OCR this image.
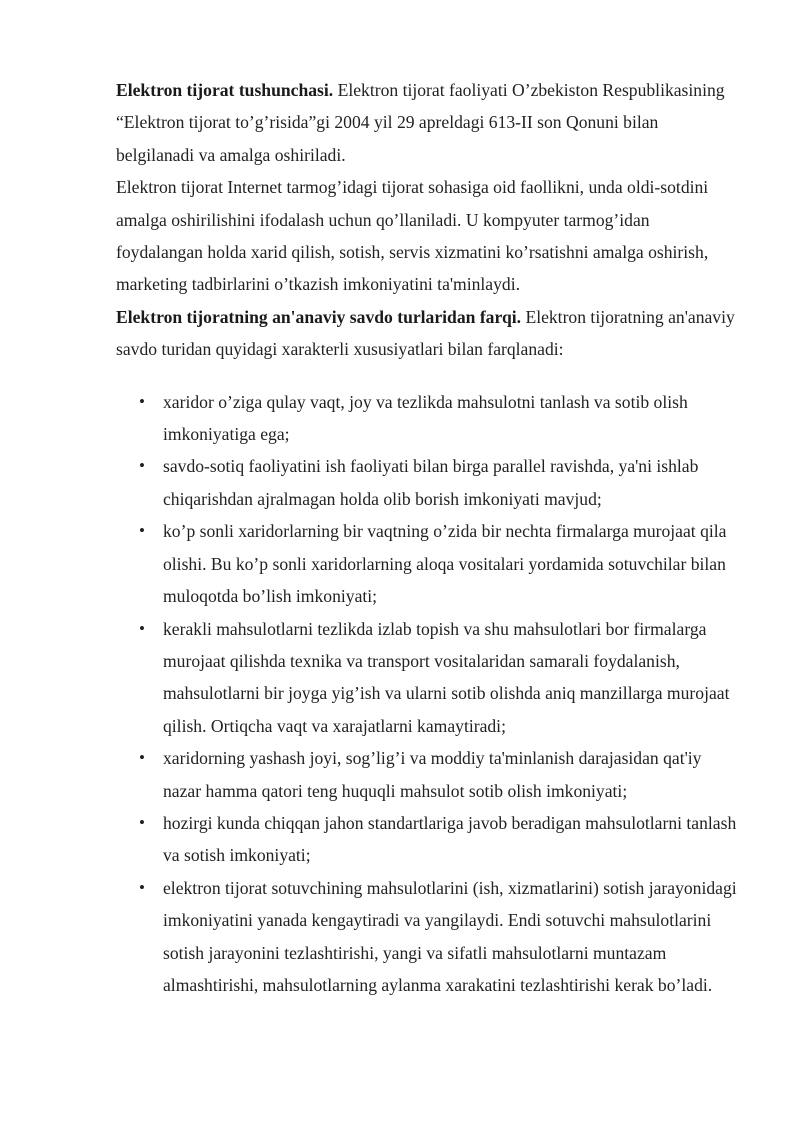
Elektron tijorat tushunchasi. Elektron tijorat faoliyati O’zbekiston Respublikasining “Elektron tijorat to’g’risida”gi 2004 yil 29 apreldagi 613-II son Qonuni bilan belgilanadi va amalga oshiriladi.

Elektron tijorat Internet tarmog’idagi tijorat sohasiga oid faollikni, unda oldi-sotdini amalga oshirilishini ifodalash uchun qo’llaniladi. U kompyuter tarmog’idan foydalangan holda xarid qilish, sotish, servis xizmatini ko’rsatishni amalga oshirish, marketing tadbirlarini o’tkazish imkoniyatini ta'minlaydi.

Elektron tijoratning an'anaviy savdo turlaridan farqi. Elektron tijoratning an'anaviy savdo turidan quyidagi xarakterli xususiyatlari bilan farqlanadi:

• xaridor o’ziga qulay vaqt, joy va tezlikda mahsulotni tanlash va sotib olish imkoniyatiga ega;
• savdo-sotiq faoliyatini ish faoliyati bilan birga parallel ravishda, ya'ni ishlab chiqarishdan ajralmagan holda olib borish imkoniyati mavjud;
• ko’p sonli xaridorlarning bir vaqtning o’zida bir nechta firmalarga murojaat qila olishi. Bu ko’p sonli xaridorlarning aloqa vositalari yordamida sotuvchilar bilan muloqotda bo’lish imkoniyati;
• kerakli mahsulotlarni tezlikda izlab topish va shu mahsulotlari bor firmalarga murojaat qilishda texnika va transport vositalaridan samarali foydalanish, mahsulotlarni bir joyga yig’ish va ularni sotib olishda aniq manzillarga murojaat qilish. Ortiqcha vaqt va xarajatlarni kamaytiradi;
• xaridorning yashash joyi, sog’lig’i va moddiy ta'minlanish darajasidan qat'iy nazar hamma qatori teng huquqli mahsulot sotib olish imkoniyati;
• hozirgi kunda chiqqan jahon standartlariga javob beradigan mahsulotlarni tanlash va sotish imkoniyati;
• elektron tijorat sotuvchining mahsulotlarini (ish, xizmatlarini) sotish jarayonidagi imkoniyatini yanada kengaytiradi va yangilaydi. Endi sotuvchi mahsulotlarini sotish jarayonini tezlashtirishi, yangi va sifatli mahsulotlarni muntazam almashtirishi, mahsulotlarning aylanma xarakatini tezlashtirishi kerak bo’ladi.
